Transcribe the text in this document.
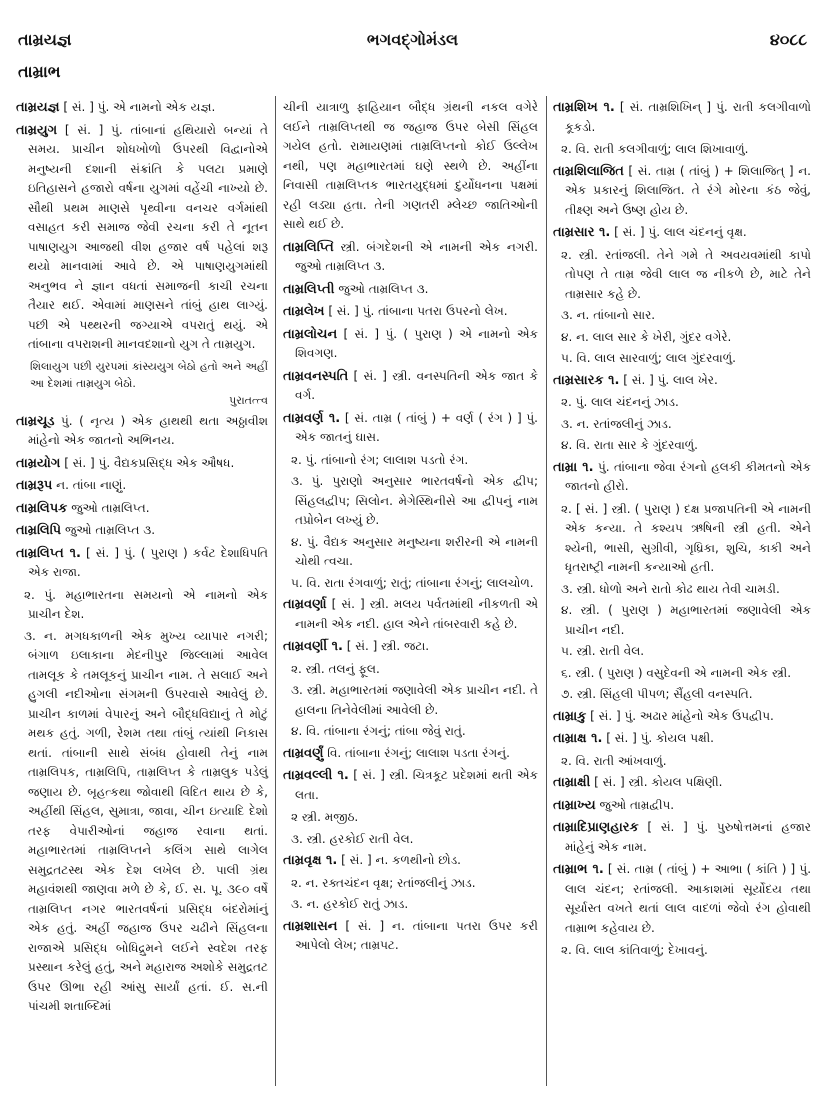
તામ્રયજ્ઞ	ભગવદ્ગોમંડલ	૪૦૮૮
તામ્રાભ
તામ્રયજ્ઞ [ સં. ] પું. એ નામનો એક યજ્ઞ.
તામ્રયુગ [ સં. ] પું. તાંબાનાં હથિયારો બન્યાં તે સમય. પ્રાચીન શોધખોળો ઉપરથી વિદ્વાનોએ મનુષ્યની દશાની સંક્રાંતિ કે પલટા પ્રમાણે ઇતિહાસને હજારો વર્ષના યુગમાં વહેંચી નાખ્યો છે. સૌથી પ્રથમ માણસે પૃથ્વીના વનચર વર્ગમાંથી વસાહત કરી સમાજ જેવી રચના કરી તે નૂતન પાષાણયુગ આજથી વીશ હજાર વર્ષ પહેલાં શરૂ થયો માનવામાં આવે છે. એ પાષાણયુગમાંથી અનુભવ ને જ્ઞાન વધતાં સમાજની કાચી રચના તૈયાર થઈ. એવામાં માણસને તાંબું હાથ લાગ્યું. પછી એ પથ્થરની જગ્યાએ વપરાતું થયું. એ તાંબાના વપરાશની માનવદશાનો યુગ તે તામ્રયુગ.
શિલાયુગ પછી યુરપમાં કાંસ્યયુગ બેઠો હતો અને અહીં આ દેશમાં તામ્રયુગ બેઠો.
પુરાતત્ત્વ
તામ્રચૂડ પું. ( નૃત્ય ) એક હાથથી થતા અઠ્ઠાવીશ માંહેનો એક જાતનો અભિનય.
તામ્રયોગ [ સં. ] પું. વૈદ્યકપ્રસિદ્ધ એક ઔષધ.
તામ્રરૂપ ન. તાંબા નાણું.
તામ્રલિપક જુઓ તામ્રલિપ્ત.
તામ્રલિપિ જુઓ તામ્રલિપ્ત ૩.
તામ્રલિપ્ત ૧. [ સં. ] પું. ( પુરાણ ) કર્વટ દેશાધિપતિ એક રાજા.
૨. પું. મહાભારતના સમયનો એ નામનો એક પ્રાચીન દેશ.
૩. ન. મગધકાળની એક મુખ્ય વ્યાપાર નગરી; બંગાળ ઇલાકાના મેદનીપુર જિલ્લામાં આવેલ તામલૂક કે તમલૂકનું પ્રાચીન નામ. તે સલાઈ અને હુગલી નદીઓના સંગમની ઉપરવાસે આવેલું છે. પ્રાચીન કાળમાં વેપારનું અને બૌદ્ધવિદ્યાનું તે મોટું મથક હતું. ગળી, રેશમ તથા તાંબું ત્યાંથી નિકાસ થતાં. તાંબાની સાથે સંબંધ હોવાથી તેનું નામ તામ્રલિપક, તામ્રલિપિ, તામ્રલિપ્ત કે તામ્રલુક પડેલું જણાય છે. બૃહત્કથા જોવાથી વિદિત થાય છે કે, અહીંથી સિંહલ, સુમાત્રા, જાવા, ચીન ઇત્યાદિ દેશો તરફ વેપારીઓનાં જહાજ રવાના થતાં. મહાભારતમાં તામ્રલિપ્તને કલિંગ સાથે લાગેલ સમુદ્રતટસ્થ એક દેશ લખેલ છે. પાલી ગ્રંથ મહાવંશથી જાણવા મળે છે કે, ઈ. સ. પૂ. ૩૯૦ વર્ષે તામ્રલિપ્ત નગર ભારતવર્ષનાં પ્રસિદ્ધ બંદરોમાંનું એક હતું. અહીં જહાજ ઉપર ચઢીને સિંહલના રાજાએ પ્રસિદ્ધ બોધિદ્રુમને લઈને સ્વદેશ તરફ પ્રસ્થાન કરેલું હતું, અને મહારાજ અશોકે સમુદ્રતટ ઉપર ઊભા રહી આંસુ સાર્યાં હતાં. ઈ. સ.ની પાંચમી શતાબ્દિમાં
ચીની યાત્રાળુ ફાહિયાન બૌદ્ધ ગ્રંથની નકલ વગેરે લઈને તામ્રલિપ્તથી જ જહાજ ઉપર બેસી સિંહલ ગયેલ હતો. રામાયણમાં તામ્રલિપ્તનો કોઈ ઉલ્લેખ નથી, પણ મહાભારતમાં ઘણે સ્થળે છે. અહીંના નિવાસી તામ્રલિપ્તક ભારતયુદ્ધમાં દુર્યોધનના પક્ષમાં રહી લડ્યા હતા. તેની ગણતરી મ્લેચ્છ જાતિઓની સાથે થઈ છે.
તામ્રલિપ્તિ સ્ત્રી. બંગદેશની એ નામની એક નગરી. જુઓ તામ્રલિપ્ત ૩.
તામ્રલિપ્તી જુઓ તામ્રલિપ્ત ૩.
તામ્રલેખ [ સં. ] પું. તાંબાના પતરા ઉપરનો લેખ.
તામ્રલોચન [ સં. ] પું. ( પુરાણ ) એ નામનો એક શિવગણ.
તામ્રવનસ્પતિ [ સં. ] સ્ત્રી. વનસ્પતિની એક જાત કે વર્ગ.
તામ્રવર્ણ ૧. [ સં. તામ્ર ( તાંબું ) + વર્ણ ( રંગ ) ] પું. એક જાતનું ઘાસ.
૨. પું. તાંબાનો રંગ; લાલાશ પડતો રંગ.
૩. પું. પુરાણો અનુસાર ભારતવર્ષનો એક દ્વીપ; સિંહલદ્વીપ; સિલોન. મેગેસ્થિનીસે આ દ્વીપનું નામ તપ્રોબેન લખ્યું છે.
૪. પું. વૈદ્યક અનુસાર મનુષ્યના શરીરની એ નામની ચોથી ત્વચા.
૫. વિ. રાતા રંગવાળું; રાતું; તાંબાના રંગનું; લાલચોળ.
તામ્રવર્ણા [ સં. ] સ્ત્રી. મલય પર્વતમાંથી નીકળતી એ નામની એક નદી. હાલ એને તાંબરવારી કહે છે.
તામ્રવર્ણી ૧. [ સં. ] સ્ત્રી. જટા.
૨. સ્ત્રી. તલનું ફૂલ.
૩. સ્ત્રી. મહાભારતમાં જણાવેલી એક પ્રાચીન નદી. તે હાલના તિનેવેલીમાં આવેલી છે.
૪. વિ. તાંબાના રંગનું; તાંબા જેવું રાતું.
તામ્રવર્ણું વિ. તાંબાના રંગનું; લાલાશ પડતા રંગનું.
તામ્રવલ્લી ૧. [ સં. ] સ્ત્રી. ચિત્રકૂટ પ્રદેશમાં થતી એક લતા.
૨ સ્ત્રી. મજીઠ.
૩. સ્ત્રી. હરકોઈ રાતી વેલ.
તામ્રવૃક્ષ ૧. [ સં. ] ન. કળથીનો છોડ.
૨. ન. રક્તચંદન વૃક્ષ; રતાંજલીનું ઝાડ.
૩. ન. હરકોઈ રાતું ઝાડ.
તામ્રશાસન [ સં. ] ન. તાંબાના પતરા ઉપર કરી આપેલો લેખ; તામ્રપટ.
તામ્રશિખ ૧. [ સં. તામ્રશિખિન્ ] પું. રાતી કલગીવાળો કૂકડો.
૨. વિ. રાતી કલગીવાળું; લાલ શિખાવાળું.
તામ્રશિલાજિત [ સં. તામ્ર ( તાંબું ) + શિલાજિત્ ] ન. એક પ્રકારનું શિલાજિત. તે રંગે મોરના કંઠ જેવું, તીક્ષ્ણ અને ઉષ્ણ હોય છે.
તામ્રસાર ૧. [ સં. ] પું. લાલ ચંદનનું વૃક્ષ.
૨. સ્ત્રી. રતાંજલી. તેને ગમે તે અવયવમાંથી કાપો તોપણ તે તામ્ર જેવી લાલ જ નીકળે છે, માટે તેને તામ્રસાર કહે છે.
૩. ન. તાંબાનો સાર.
૪. ન. લાલ સાર કે ખેરી, ગુંદર વગેરે.
૫. વિ. લાલ સારવાળું; લાલ ગુંદરવાળું.
તામ્રસારક ૧. [ સં. ] પું. લાલ ખેર.
૨. પું. લાલ ચંદનનું ઝાડ.
૩. ન. રતાંજલીનું ઝાડ.
૪. વિ. રાતા સાર કે ગુંદરવાળું.
તામ્રા ૧. પું. તાંબાના જેવા રંગનો હલકી કીમતનો એક જાતનો હીરો.
૨. [ સં. ] સ્ત્રી. ( પુરાણ ) દક્ષ પ્રજાપતિની એ નામની એક કન્યા. તે કશ્યપ ઋષિની સ્ત્રી હતી. એને શ્યેની, ભાસી, સુગ્રીવી, ગૃધ્રિકા, શુચિ, કાકી અને ધૃતરાષ્ટ્રી નામની કન્યાઓ હતી.
૩. સ્ત્રી. ધોળો અને રાતો કોઢ થાય તેવી ચામડી.
૪. સ્ત્રી. ( પુરાણ ) મહાભારતમાં જણાવેલી એક પ્રાચીન નદી.
૫. સ્ત્રી. રાતી વેલ.
૬. સ્ત્રી. ( પુરાણ ) વસુદેવની એ નામની એક સ્ત્રી.
૭. સ્ત્રી. સિંહલી પીપળ; સૈંહલી વનસ્પતિ.
તામ્રાકુ [ સં. ] પું. અઢાર માંહેનો એક ઉપદ્વીપ.
તામ્રાક્ષ ૧. [ સં. ] પું. કોયલ પક્ષી.
૨. વિ. રાતી આંખવાળું.
તામ્રાક્ષી [ સં. ] સ્ત્રી. કોયલ પક્ષિણી.
તામ્રાખ્ય જુઓ તામ્રદ્વીપ.
તામ્રાદિપ્રાણહારક [ સં. ] પું. પુરુષોત્તમનાં હજાર માંહેનું એક નામ.
તામ્રાભ ૧. [ સં. તામ્ર ( તાંબું ) + આભા ( કાંતિ ) ] પું. લાલ ચંદન; રતાંજલી. આકાશમાં સૂર્યોદય તથા સૂર્યાસ્ત વખતે થતાં લાલ વાદળાં જેવો રંગ હોવાથી તામ્રાભ કહેવાય છે.
૨. વિ. લાલ કાંતિવાળું; દેખાવનું.
